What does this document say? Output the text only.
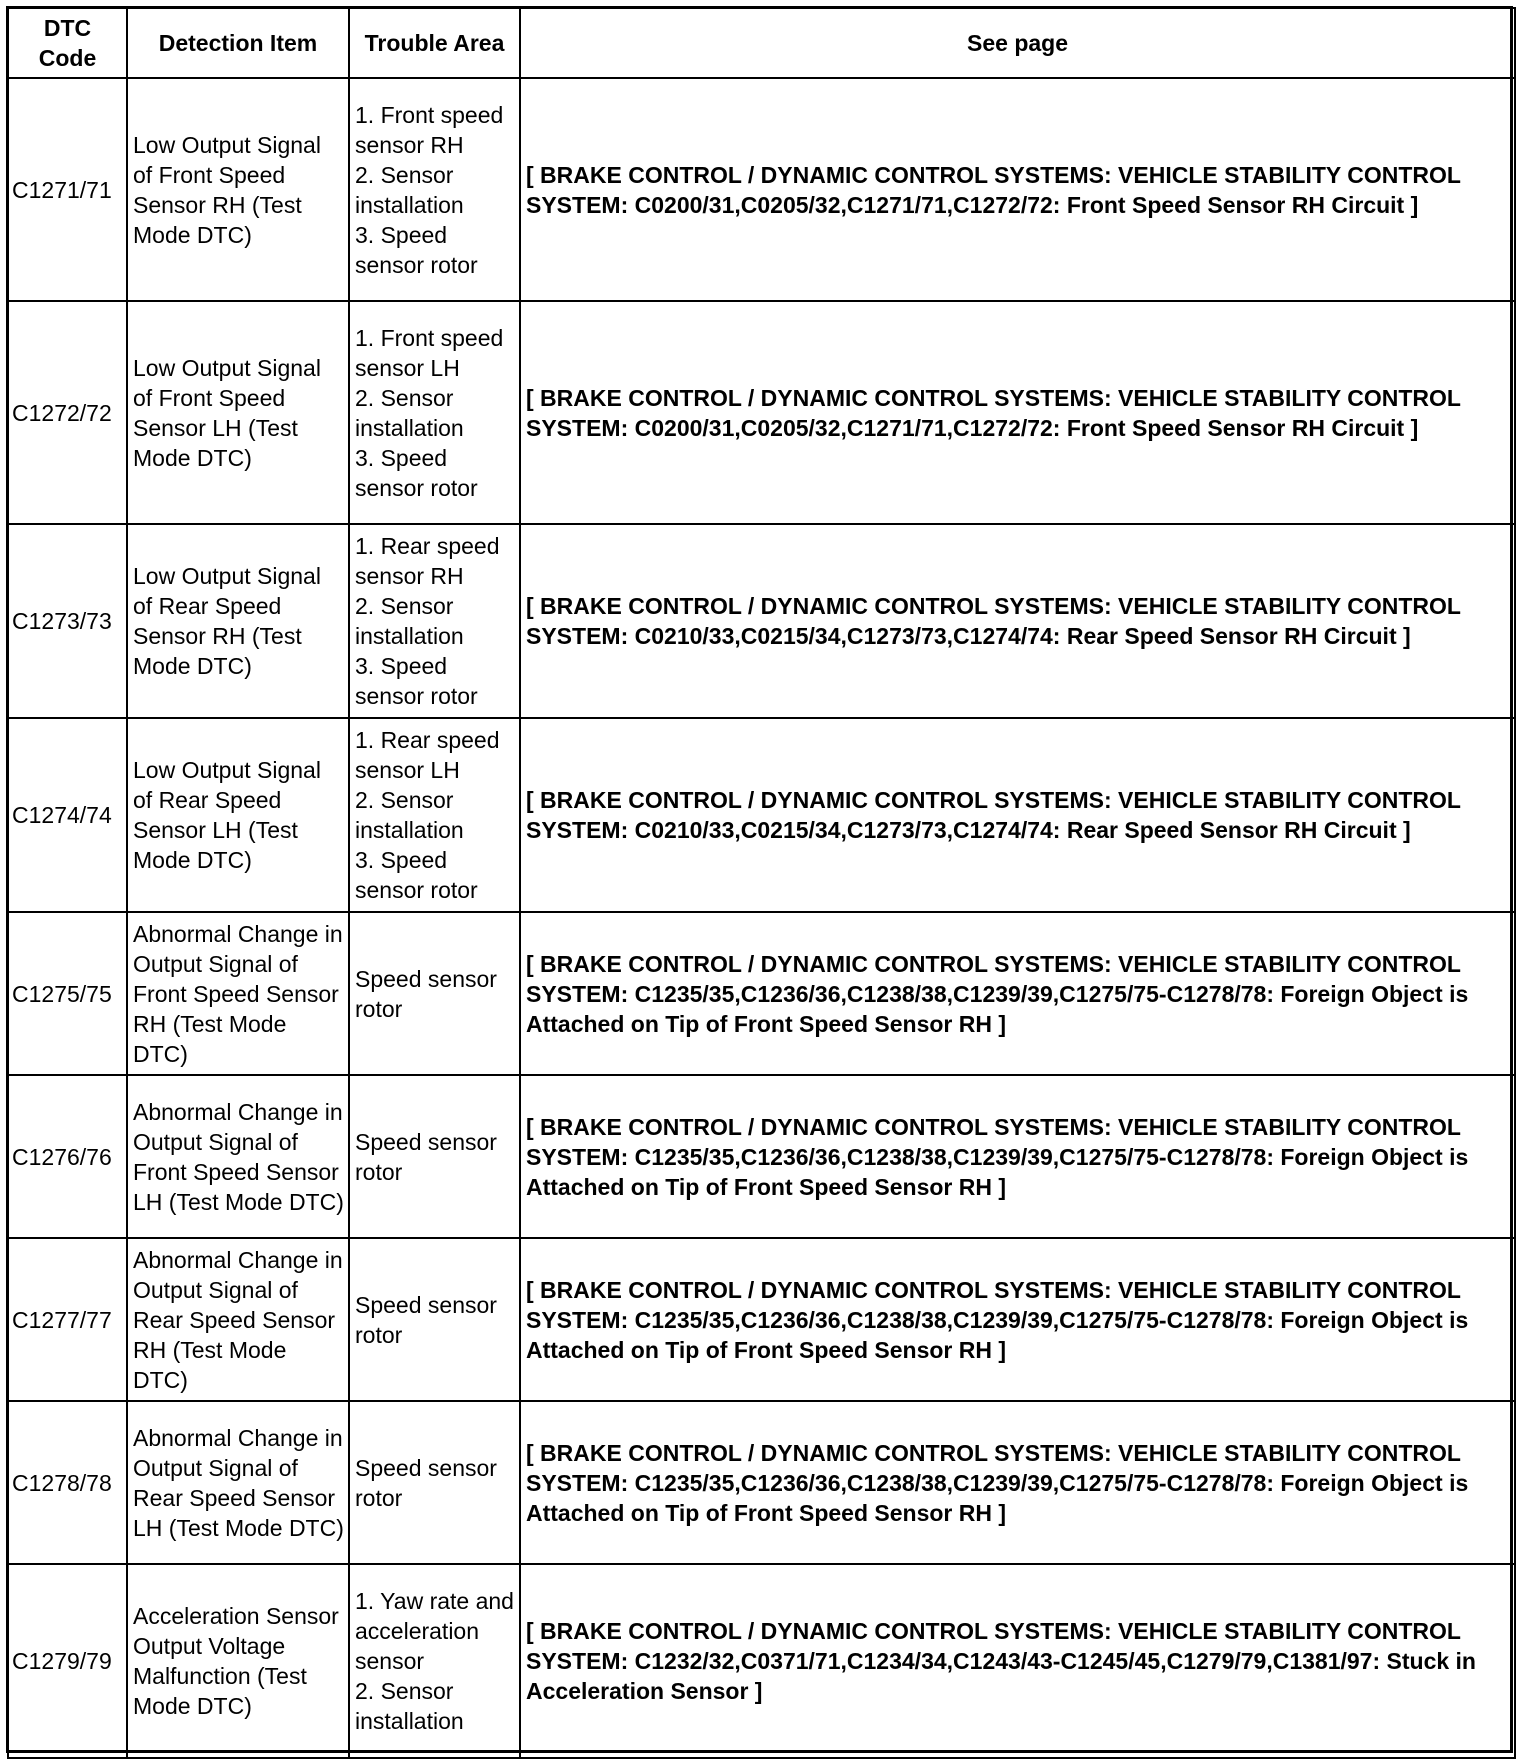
DTC Code	Detection Item	Trouble Area	See page
C1271/71	Low Output Signal of Front Speed Sensor RH (Test Mode DTC)	1. Front speed sensor RH
2. Sensor installation
3. Speed sensor rotor	[ BRAKE CONTROL / DYNAMIC CONTROL SYSTEMS: VEHICLE STABILITY CONTROL SYSTEM: C0200/31,C0205/32,C1271/71,C1272/72: Front Speed Sensor RH Circuit ]
C1272/72	Low Output Signal of Front Speed Sensor LH (Test Mode DTC)	1. Front speed sensor LH
2. Sensor installation
3. Speed sensor rotor	[ BRAKE CONTROL / DYNAMIC CONTROL SYSTEMS: VEHICLE STABILITY CONTROL SYSTEM: C0200/31,C0205/32,C1271/71,C1272/72: Front Speed Sensor RH Circuit ]
C1273/73	Low Output Signal of Rear Speed Sensor RH (Test Mode DTC)	1. Rear speed sensor RH
2. Sensor installation
3. Speed sensor rotor	[ BRAKE CONTROL / DYNAMIC CONTROL SYSTEMS: VEHICLE STABILITY CONTROL SYSTEM: C0210/33,C0215/34,C1273/73,C1274/74: Rear Speed Sensor RH Circuit ]
C1274/74	Low Output Signal of Rear Speed Sensor LH (Test Mode DTC)	1. Rear speed sensor LH
2. Sensor installation
3. Speed sensor rotor	[ BRAKE CONTROL / DYNAMIC CONTROL SYSTEMS: VEHICLE STABILITY CONTROL SYSTEM: C0210/33,C0215/34,C1273/73,C1274/74: Rear Speed Sensor RH Circuit ]
C1275/75	Abnormal Change in Output Signal of Front Speed Sensor RH (Test Mode DTC)	Speed sensor rotor	[ BRAKE CONTROL / DYNAMIC CONTROL SYSTEMS: VEHICLE STABILITY CONTROL SYSTEM: C1235/35,C1236/36,C1238/38,C1239/39,C1275/75-C1278/78: Foreign Object is Attached on Tip of Front Speed Sensor RH ]
C1276/76	Abnormal Change in Output Signal of Front Speed Sensor LH (Test Mode DTC)	Speed sensor rotor	[ BRAKE CONTROL / DYNAMIC CONTROL SYSTEMS: VEHICLE STABILITY CONTROL SYSTEM: C1235/35,C1236/36,C1238/38,C1239/39,C1275/75-C1278/78: Foreign Object is Attached on Tip of Front Speed Sensor RH ]
C1277/77	Abnormal Change in Output Signal of Rear Speed Sensor RH (Test Mode DTC)	Speed sensor rotor	[ BRAKE CONTROL / DYNAMIC CONTROL SYSTEMS: VEHICLE STABILITY CONTROL SYSTEM: C1235/35,C1236/36,C1238/38,C1239/39,C1275/75-C1278/78: Foreign Object is Attached on Tip of Front Speed Sensor RH ]
C1278/78	Abnormal Change in Output Signal of Rear Speed Sensor LH (Test Mode DTC)	Speed sensor rotor	[ BRAKE CONTROL / DYNAMIC CONTROL SYSTEMS: VEHICLE STABILITY CONTROL SYSTEM: C1235/35,C1236/36,C1238/38,C1239/39,C1275/75-C1278/78: Foreign Object is Attached on Tip of Front Speed Sensor RH ]
C1279/79	Acceleration Sensor Output Voltage Malfunction (Test Mode DTC)	1. Yaw rate and acceleration sensor
2. Sensor installation	[ BRAKE CONTROL / DYNAMIC CONTROL SYSTEMS: VEHICLE STABILITY CONTROL SYSTEM: C1232/32,C0371/71,C1234/34,C1243/43-C1245/45,C1279/79,C1381/97: Stuck in Acceleration Sensor ]
